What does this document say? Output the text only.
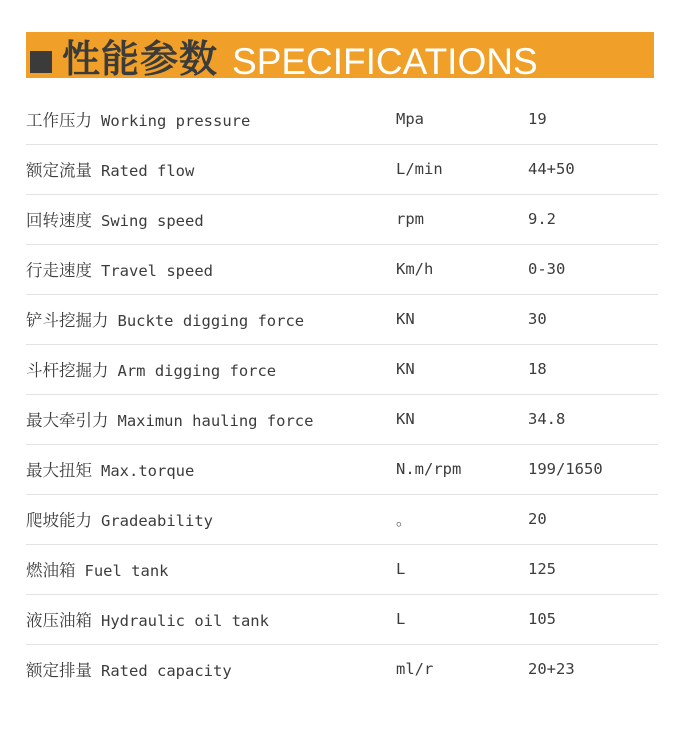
性能参数 SPECIFICATIONS
工作压力 Working pressure	Mpa	19
额定流量 Rated flow	L/min	44+50
回转速度 Swing speed	rpm	9.2
行走速度 Travel speed	Km/h	0-30
铲斗挖掘力 Buckte digging force	KN	30
斗杆挖掘力 Arm digging force	KN	18
最大牵引力 Maximun hauling force	KN	34.8
最大扭矩 Max.torque	N.m/rpm	199/1650
爬坡能力 Gradeability	。	20
燃油箱 Fuel tank	L	125
液压油箱 Hydraulic oil tank	L	105
额定排量 Rated capacity	ml/r	20+23
